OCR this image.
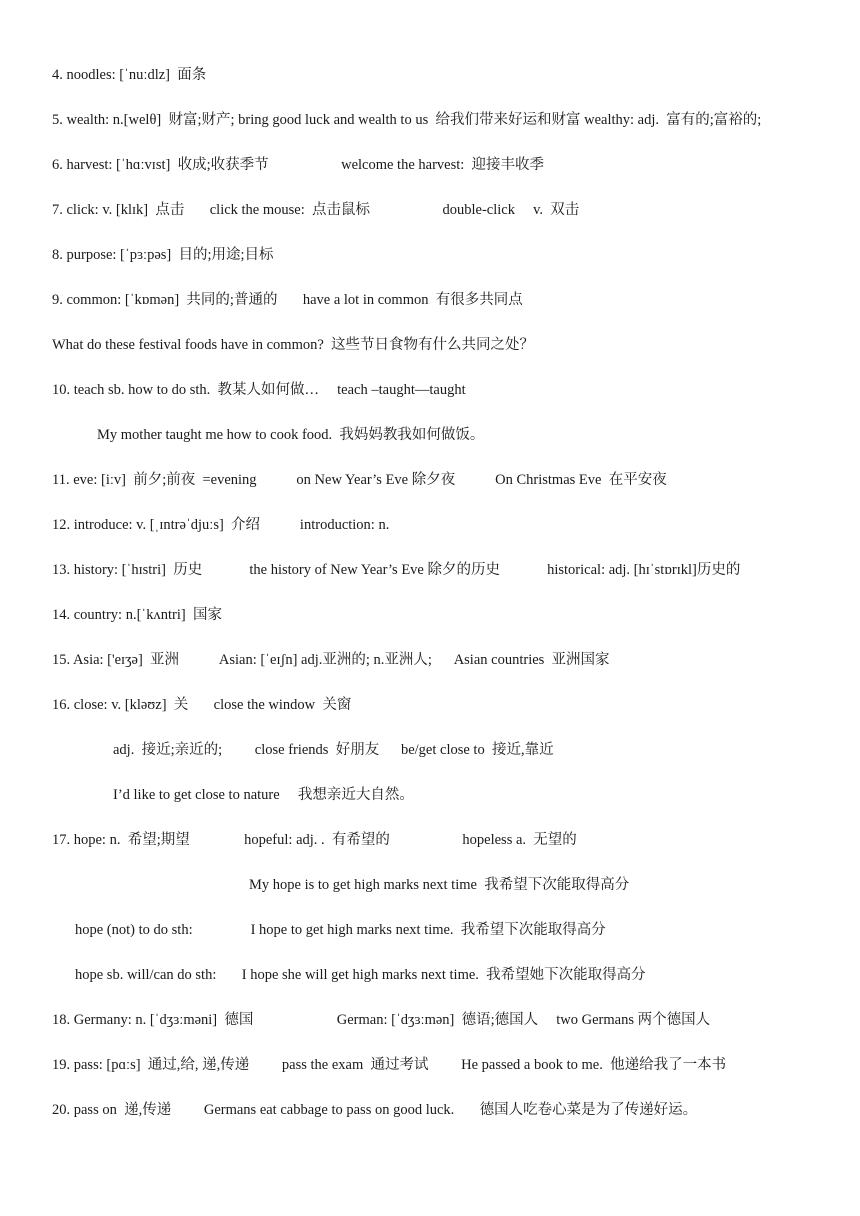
4. noodles: [ˈnuːdlz]  面条
5. wealth: n.[welθ]  财富;财产; bring good luck and wealth to us  给我们带来好运和财富 wealthy: adj.  富有的;富裕的;
6. harvest: [ˈhɑːvɪst]  收成;收获季节                    welcome the harvest:  迎接丰收季
7. click: v. [klɪk]  点击       click the mouse:  点击鼠标                    double-click     v.  双击
8. purpose: [ˈpɜːpəs]  目的;用途;目标
9. common: [ˈkɒmən]  共同的;普通的       have a lot in common  有很多共同点
What do these festival foods have in common?  这些节日食物有什么共同之处？
10. teach sb. how to do sth.  教某人如何做…     teach –taught—taught
My mother taught me how to cook food.  我妈妈教我如何做饭。
11. eve: [iːv]  前夕;前夜  =evening           on New Year’s Eve 除夕夜           On Christmas Eve  在平安夜
12. introduce: v. [ˌɪntrəˈdjuːs]  介绍           introduction: n.
13. history: [ˈhɪstri]  历史             the history of New Year’s Eve 除夕的历史             historical: adj. [hɪˈstɒrɪkl]历史的
14. country: n.[ˈkʌntri]  国家
15. Asia: ['eɪʒə]  亚洲           Asian: [ˈeɪʃn] adj.亚洲的; n.亚洲人;      Asian countries  亚洲国家
16. close: v. [kləʊz]  关       close the window  关窗
adj.  接近;亲近的;         close friends  好朋友      be/get close to  接近,靠近
I’d like to get close to nature     我想亲近大自然。
17. hope: n.  希望;期望               hopeful: adj. .  有希望的                    hopeless a.  无望的
My hope is to get high marks next time  我希望下次能取得高分
hope (not) to do sth:                I hope to get high marks next time.  我希望下次能取得高分
hope sb. will/can do sth:       I hope she will get high marks next time.  我希望她下次能取得高分
18. Germany: n. [ˈdʒɜːməni]  德国                       German: [ˈdʒɜːmən]  德语;德国人     two Germans 两个德国人
19. pass: [pɑːs]  通过,给, 递,传递         pass the exam  通过考试         He passed a book to me.  他递给我了一本书
20. pass on  递,传递         Germans eat cabbage to pass on good luck.       德国人吃卷心菜是为了传递好运。
